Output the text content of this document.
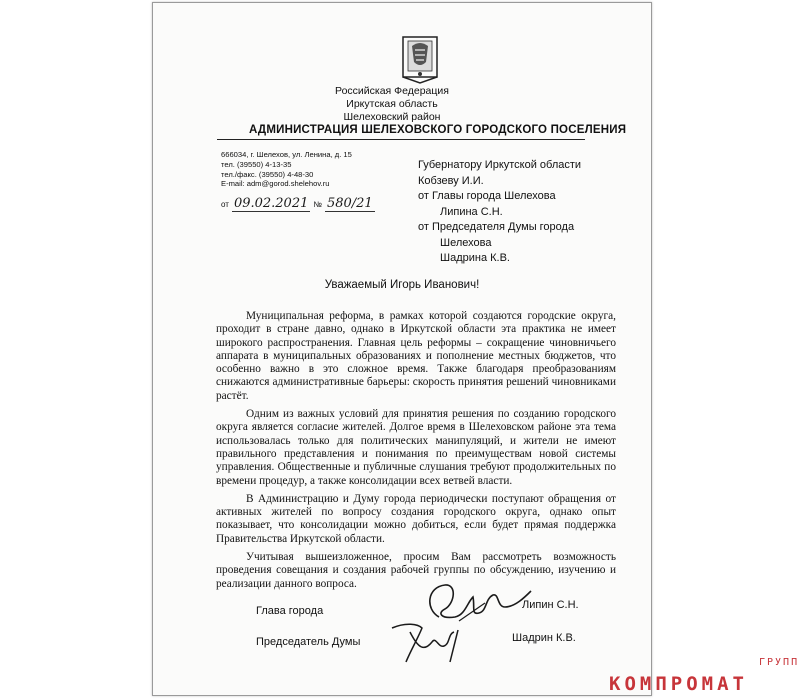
Российская Федерация
Иркутская область
Шелеховский район
АДМИНИСТРАЦИЯ ШЕЛЕХОВСКОГО ГОРОДСКОГО ПОСЕЛЕНИЯ
666034, г. Шелехов, ул. Ленина, д. 15
тел. (39550) 4-13-35
тел./факс. (39550) 4-48-30
E-mail: adm@gorod.shelehov.ru
от 09.02.2021 № 580/21
Губернатору Иркутской области
Кобзеву И.И.
от Главы города Шелехова
Липина С.Н.
от Председателя Думы города
Шелехова
Шадрина К.В.
Уважаемый Игорь Иванович!

Муниципальная реформа, в рамках которой создаются городские округа, проходит в стране давно, однако в Иркутской области эта практика не имеет широкого распространения. Главная цель реформы – сокращение чиновничьего аппарата в муниципальных образованиях и пополнение местных бюджетов, что особенно важно в это сложное время. Также благодаря преобразованиям снижаются административные барьеры: скорость принятия решений чиновниками растёт.

Одним из важных условий для принятия решения по созданию городского округа является согласие жителей. Долгое время в Шелеховском районе эта тема использовалась только для политических манипуляций, и жители не имеют правильного представления и понимания по преимуществам новой системы управления. Общественные и публичные слушания требуют продолжительных по времени процедур, а также консолидации всех ветвей власти.

В Администрацию и Думу города периодически поступают обращения от активных жителей по вопросу создания городского округа, однако опыт показывает, что консолидации можно добиться, если будет прямая поддержка Правительства Иркутской области.

Учитывая вышеизложенное, просим Вам рассмотреть возможность проведения совещания и создания рабочей группы по обсуждению, изучению и реализации данного вопроса.

Глава города	Липин С.Н.
Председатель Думы	Шадрин К.В.
ГРУПП
КОМПРОМАТ
